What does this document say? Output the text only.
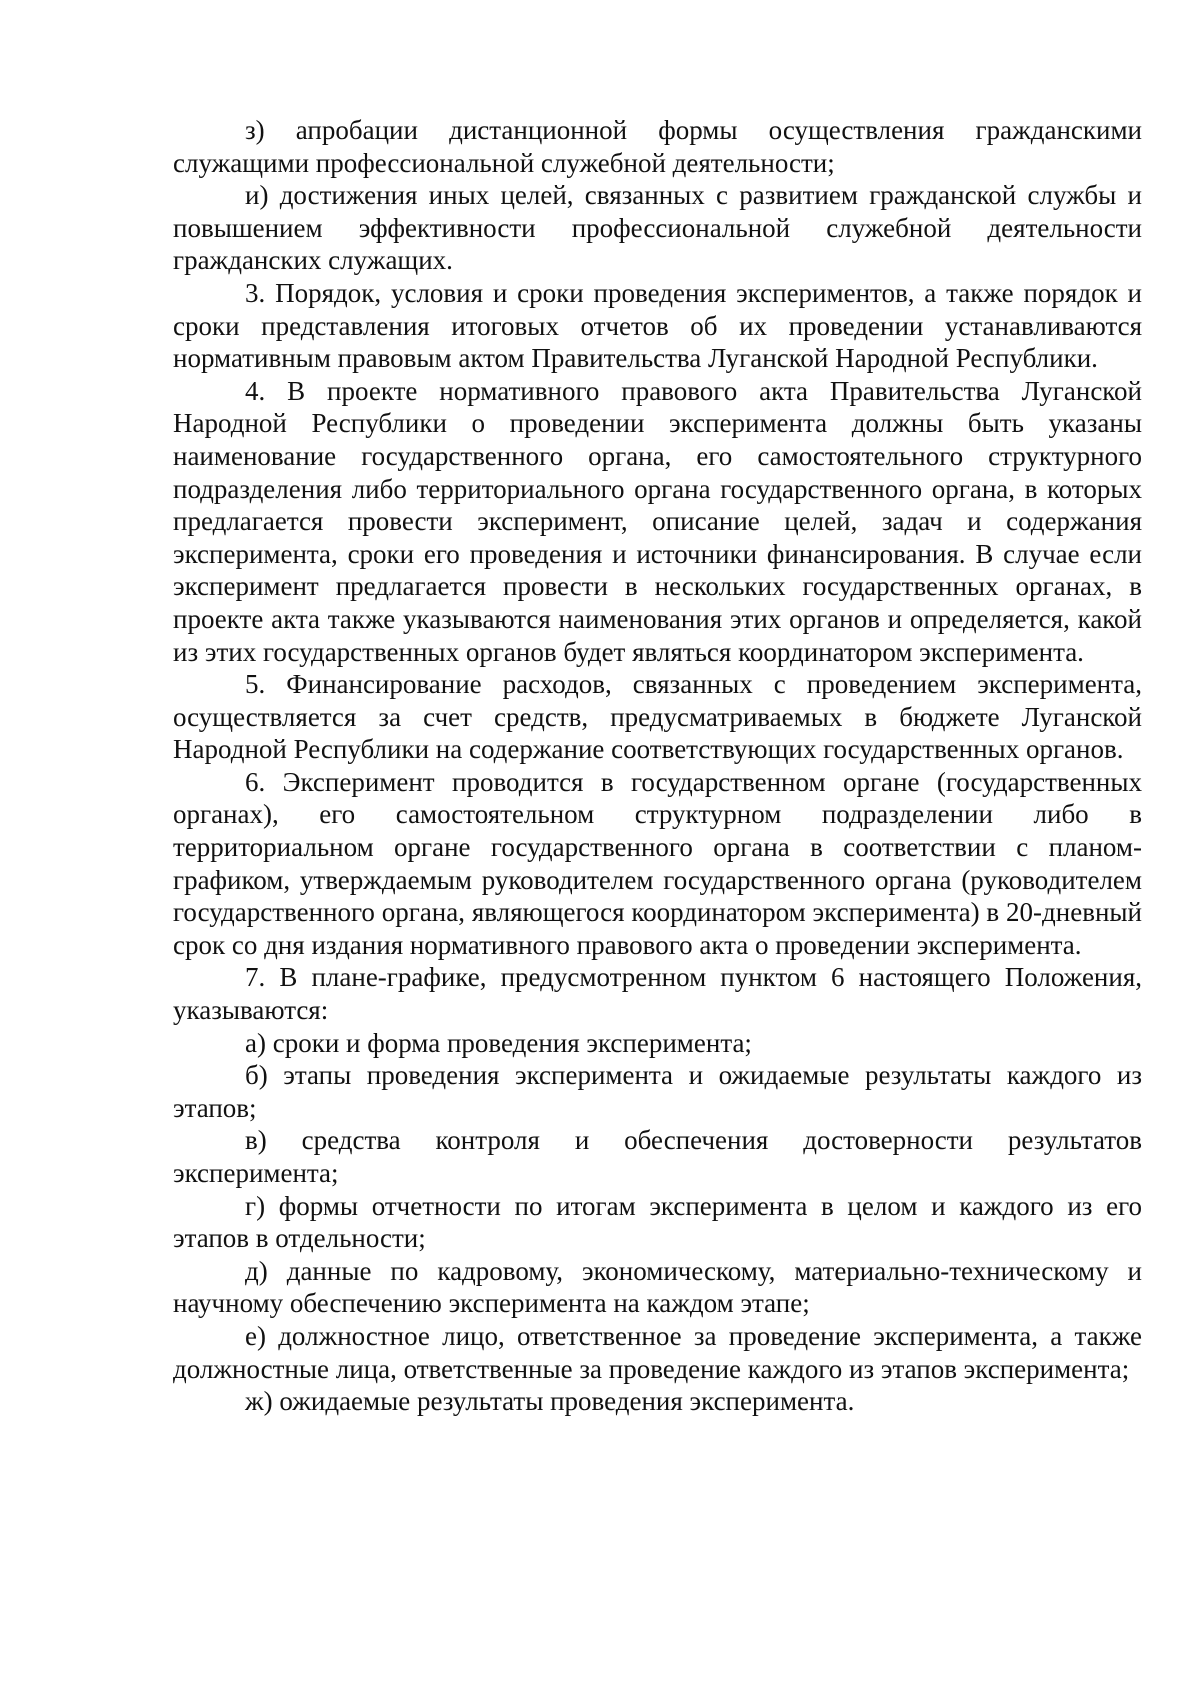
з) апробации дистанционной формы осуществления гражданскими служащими профессиональной служебной деятельности;

и) достижения иных целей, связанных с развитием гражданской службы и повышением эффективности профессиональной служебной деятельности гражданских служащих.

3. Порядок, условия и сроки проведения экспериментов, а также порядок и сроки представления итоговых отчетов об их проведении устанавливаются нормативным правовым актом Правительства Луганской Народной Республики.

4. В проекте нормативного правового акта Правительства Луганской Народной Республики о проведении эксперимента должны быть указаны наименование государственного органа, его самостоятельного структурного подразделения либо территориального органа государственного органа, в которых предлагается провести эксперимент, описание целей, задач и содержания эксперимента, сроки его проведения и источники финансирования. В случае если эксперимент предлагается провести в нескольких государственных органах, в проекте акта также указываются наименования этих органов и определяется, какой из этих государственных органов будет являться координатором эксперимента.

5. Финансирование расходов, связанных с проведением эксперимента, осуществляется за счет средств, предусматриваемых в бюджете Луганской Народной Республики на содержание соответствующих государственных органов.

6. Эксперимент проводится в государственном органе (государственных органах), его самостоятельном структурном подразделении либо в территориальном органе государственного органа в соответствии с планом-графиком, утверждаемым руководителем государственного органа (руководителем государственного органа, являющегося координатором эксперимента) в 20-дневный срок со дня издания нормативного правового акта о проведении эксперимента.

7. В плане-графике, предусмотренном пунктом 6 настоящего Положения, указываются:

а) сроки и форма проведения эксперимента;

б) этапы проведения эксперимента и ожидаемые результаты каждого из этапов;

в) средства контроля и обеспечения достоверности результатов эксперимента;

г) формы отчетности по итогам эксперимента в целом и каждого из его этапов в отдельности;

д) данные по кадровому, экономическому, материально-техническому и научному обеспечению эксперимента на каждом этапе;

е) должностное лицо, ответственное за проведение эксперимента, а также должностные лица, ответственные за проведение каждого из этапов эксперимента;

ж) ожидаемые результаты проведения эксперимента.
